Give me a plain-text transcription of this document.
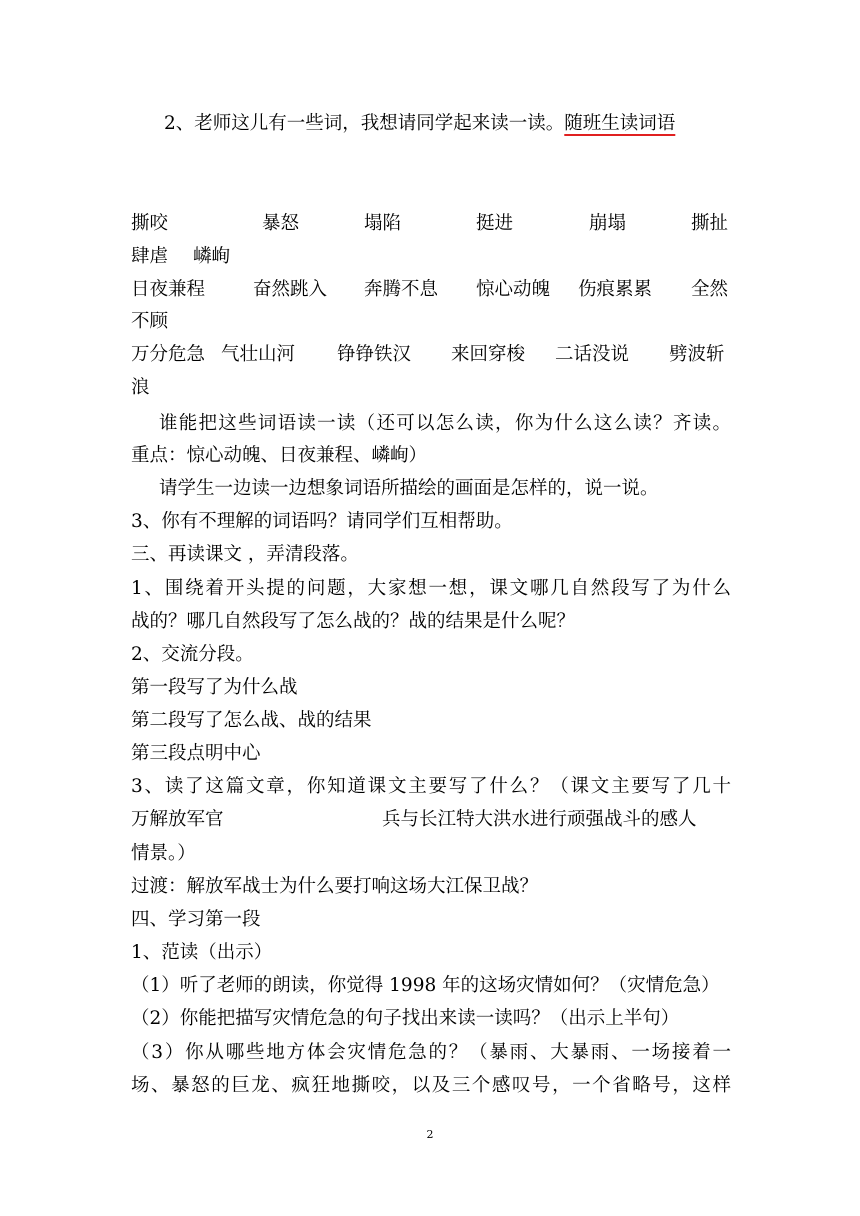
2、老师这儿有一些词，我想请同学起来读一读。随班生读词语
撕咬	暴怒	塌陷	挺进	崩塌	撕扯
肆虐 嶙峋
日夜兼程	奋然跳入 奔腾不息 惊心动魄 伤痕累累 全然
不顾
万分危急 气壮山河 铮铮铁汉 来回穿梭 二话没说 劈波斩
浪
谁能把这些词语读一读（还可以怎么读，你为什么这么读？齐读。
重点：惊心动魄、日夜兼程、嶙峋）
请学生一边读一边想象词语所描绘的画面是怎样的，说一说。
3、你有不理解的词语吗？请同学们互相帮助。
三、再读课文 ，弄清段落。
1、围绕着开头提的问题，大家想一想，课文哪几自然段写了为什么
战的？哪几自然段写了怎么战的？战的结果是什么呢？
2、交流分段。
第一段写了为什么战
第二段写了怎么战、战的结果
第三段点明中心
3、读了这篇文章，你知道课文主要写了什么？（课文主要写了几十
万解放军官	兵与长江特大洪水进行顽强战斗的感人
情景。）
过渡：解放军战士为什么要打响这场大江保卫战？
四、学习第一段
1、范读（出示）
（1）听了老师的朗读，你觉得 1998 年的这场灾情如何？（灾情危急）
（2）你能把描写灾情危急的句子找出来读一读吗？（出示上半句）
（3）你从哪些地方体会灾情危急的？（暴雨、大暴雨、一场接着一
场、暴怒的巨龙、疯狂地撕咬，以及三个感叹号，一个省略号，这样
2
